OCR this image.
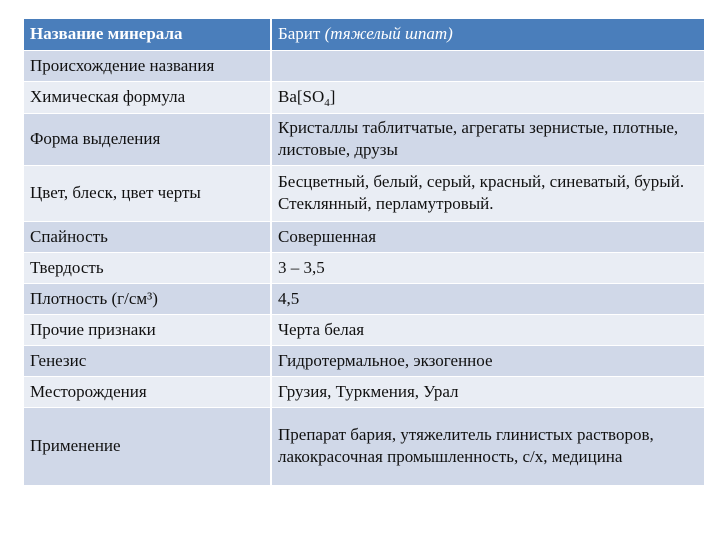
Название минерала	Барит (тяжелый шпат)
Происхождение названия	
Химическая формула	$Ba[SO_4]$
Форма выделения	Кристаллы таблитчатые, агрегаты зернистые, плотные, листовые, друзы
Цвет, блеск, цвет черты	Бесцветный, белый, серый, красный, синеватый, бурый. Стеклянный, перламутровый.
Спайность	Совершенная
Твердость	3 – 3,5
Плотность (г/см³)	4,5
Прочие признаки	Черта белая
Генезис	Гидротермальное, экзогенное
Месторождения	Грузия, Туркмения, Урал
Применение	Препарат бария, утяжелитель глинистых растворов, лакокрасочная промышленность, с/х, медицина
